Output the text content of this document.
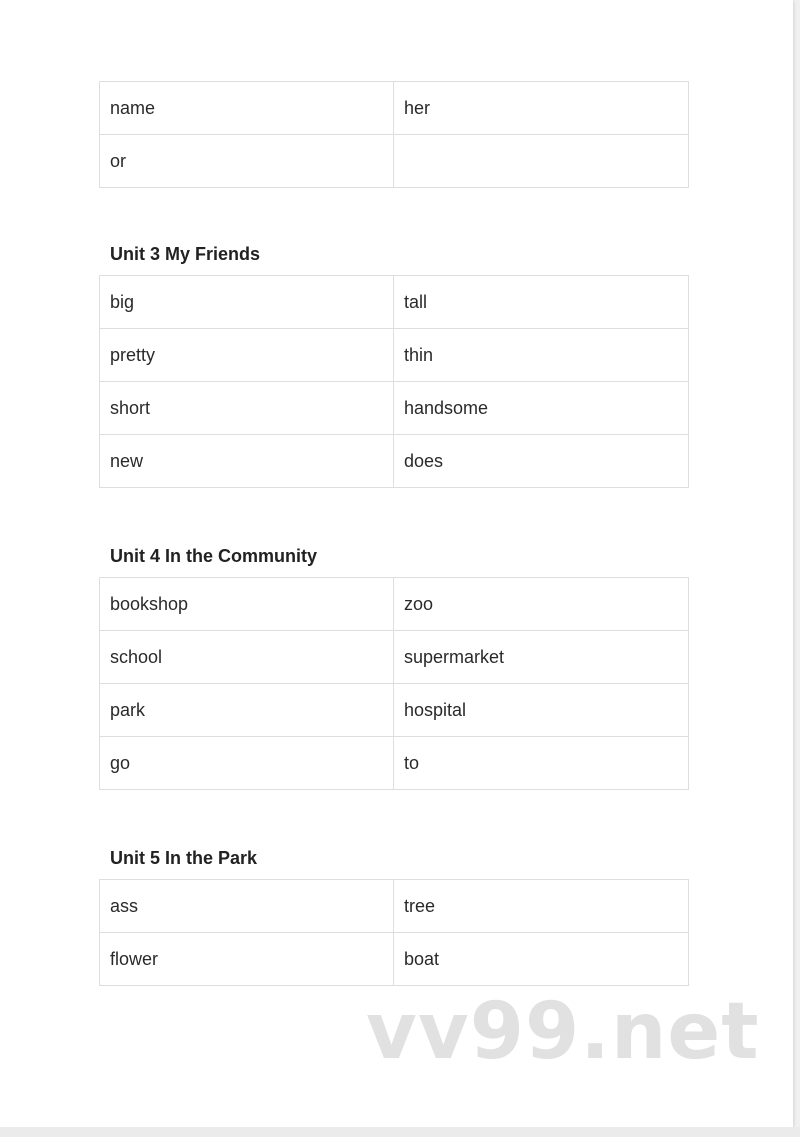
name	her
or	
Unit 3 My Friends
big	tall
pretty	thin
short	handsome
new	does
Unit 4 In the Community
bookshop	zoo
school	supermarket
park	hospital
go	to
Unit 5 In the Park
ass	tree
flower	boat
vv99.net
